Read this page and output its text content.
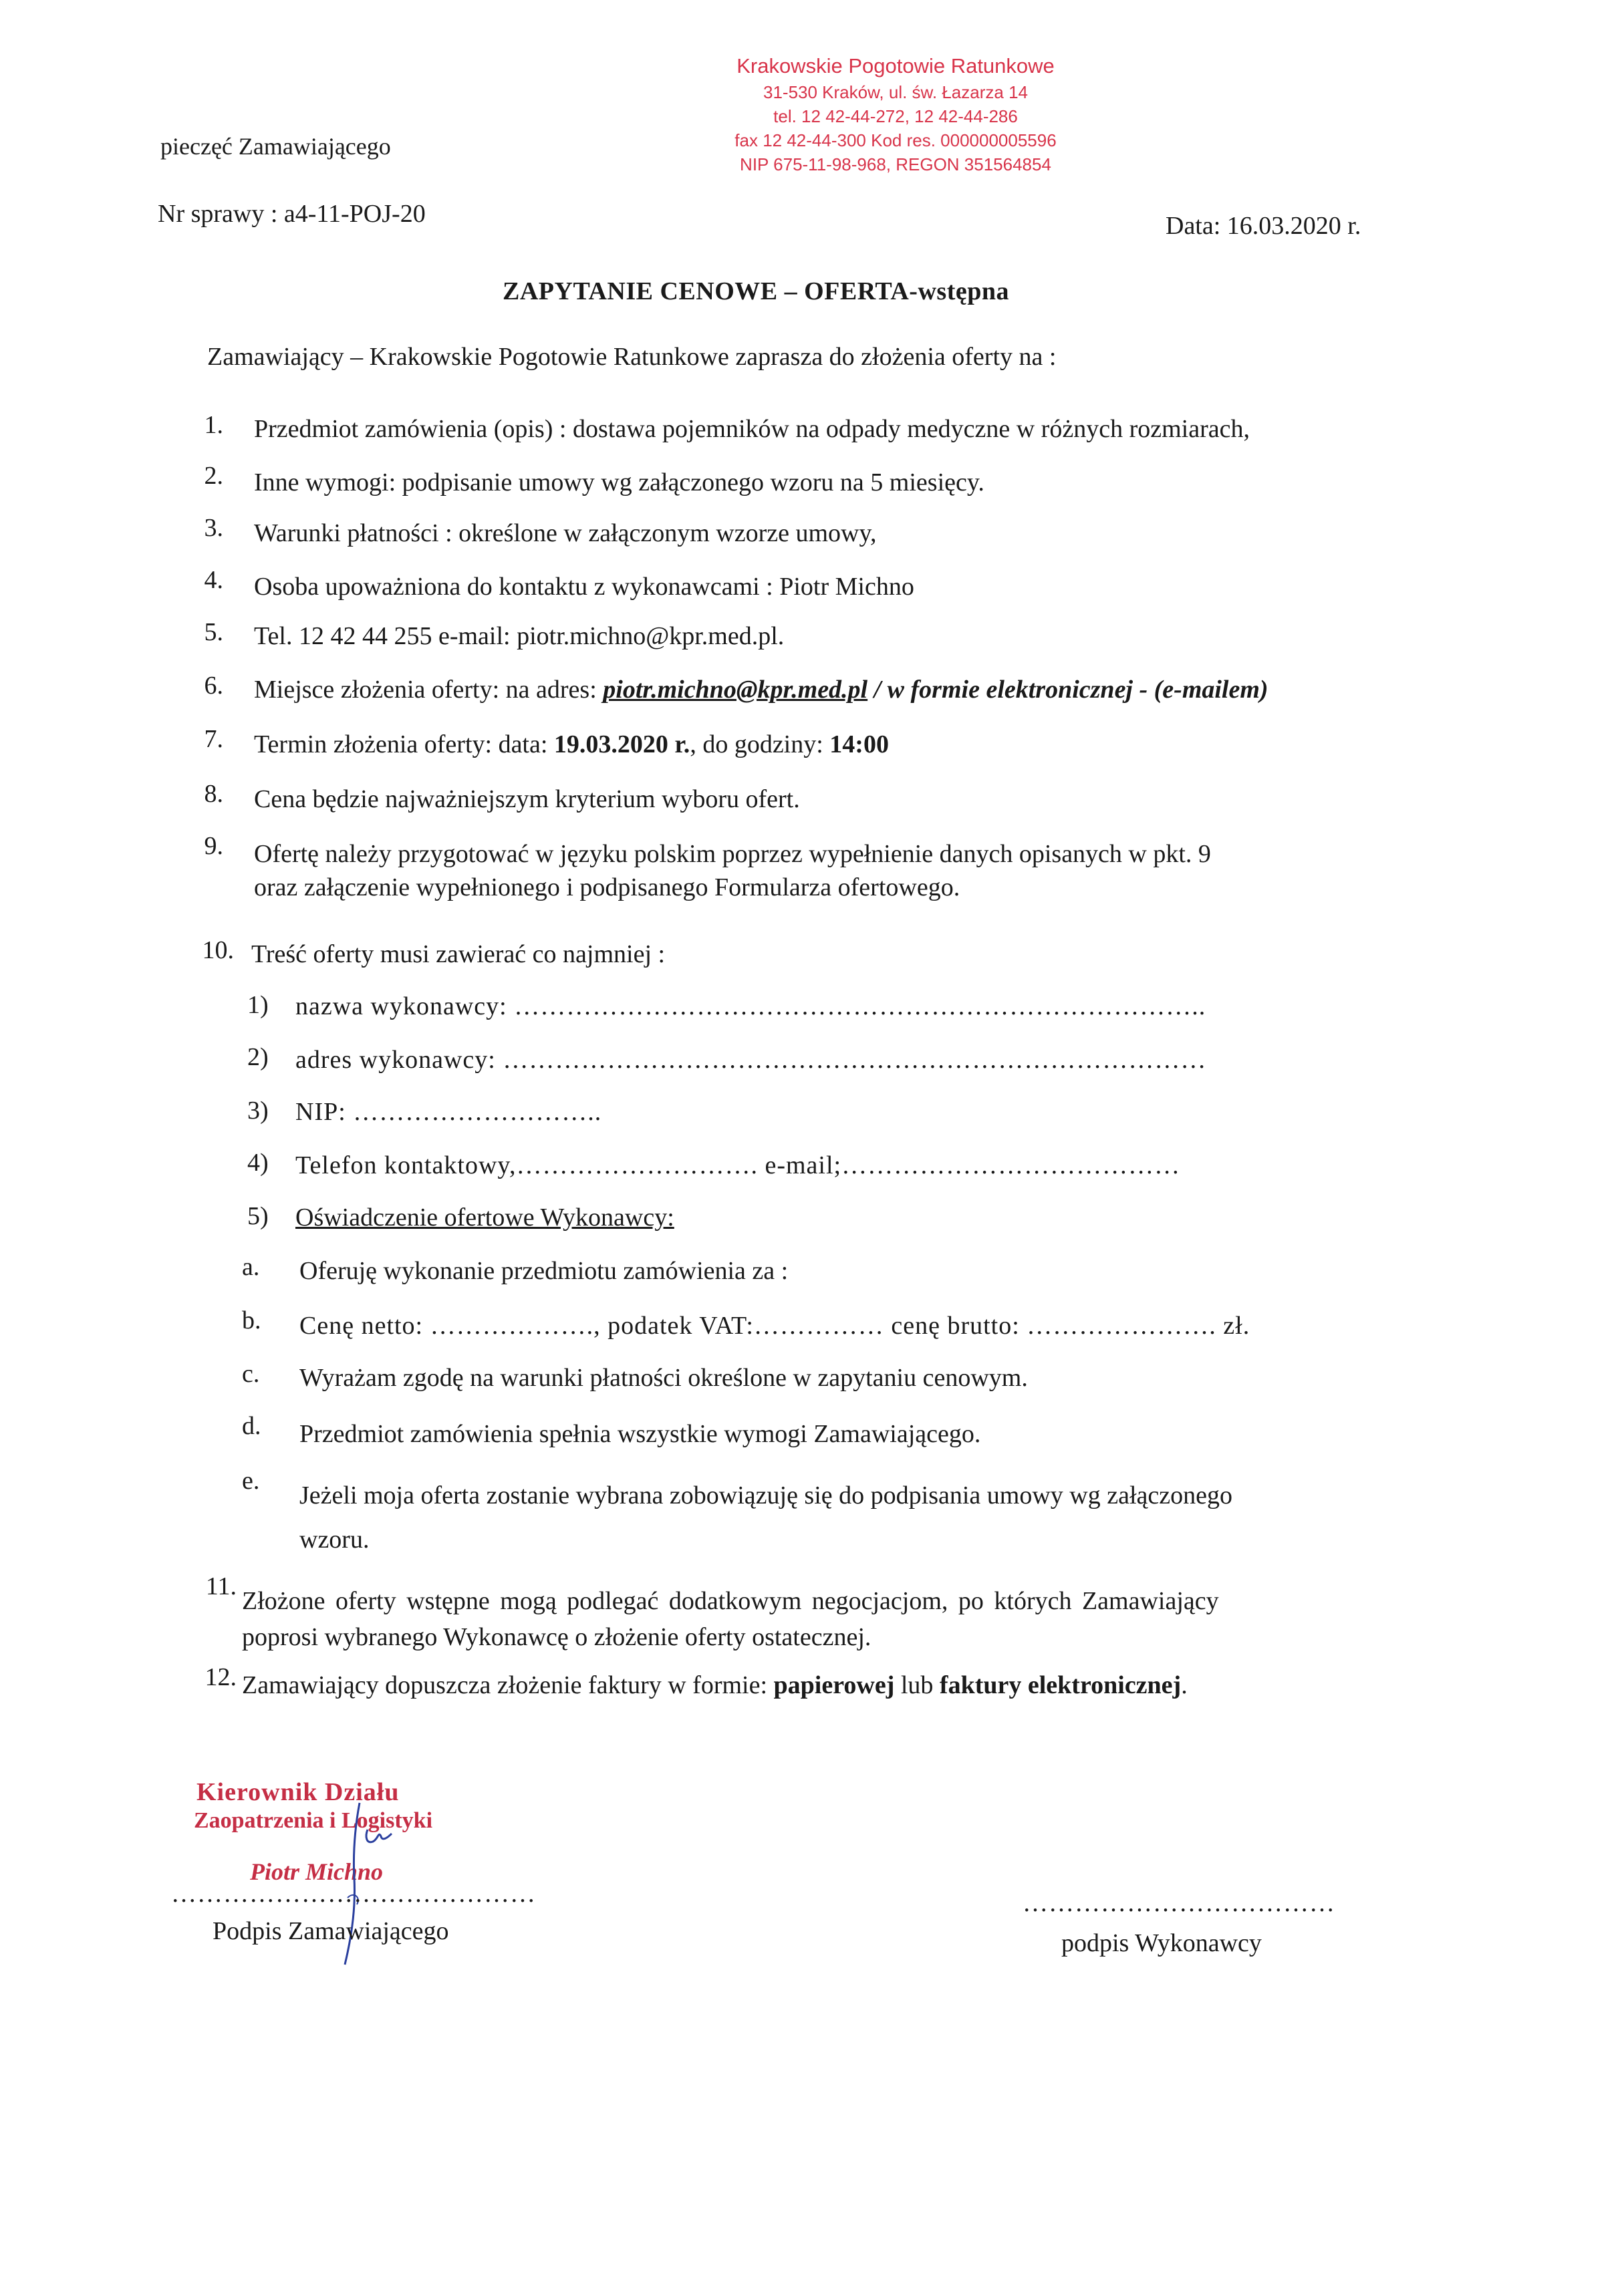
Krakowskie Pogotowie Ratunkowe
31-530 Kraków, ul. św. Łazarza 14
tel. 12 42-44-272, 12 42-44-286
fax 12 42-44-300 Kod res. 000000005596
NIP 675-11-98-968, REGON 351564854
pieczęć Zamawiającego
Nr sprawy : a4-11-POJ-20	Data: 16.03.2020 r.
ZAPYTANIE CENOWE – OFERTA-wstępna
Zamawiający – Krakowskie Pogotowie Ratunkowe zaprasza do złożenia oferty na :
1. Przedmiot zamówienia (opis) : dostawa pojemników na odpady medyczne w różnych rozmiarach,
2. Inne wymogi: podpisanie umowy wg załączonego wzoru na 5 miesięcy.
3. Warunki płatności : określone w załączonym wzorze umowy,
4. Osoba upoważniona do kontaktu z wykonawcami : Piotr Michno
5. Tel. 12 42 44 255 e-mail: piotr.michno@kpr.med.pl.
6. Miejsce złożenia oferty: na adres: piotr.michno@kpr.med.pl / w formie elektronicznej - (e-mailem)
7. Termin złożenia oferty: data: 19.03.2020 r., do godziny: 14:00
8. Cena będzie najważniejszym kryterium wyboru ofert.
9. Ofertę należy przygotować w języku polskim poprzez wypełnienie danych opisanych w pkt. 9
oraz załączenie wypełnionego i podpisanego Formularza ofertowego.
10. Treść oferty musi zawierać co najmniej :
1) nazwa wykonawcy: ……………………………………………………………………..
2) adres wykonawcy: ………………………………………………………………………
3) NIP: ………………………..
4) Telefon kontaktowy,………………………. e-mail;…………………………………
5) Oświadczenie ofertowe Wykonawcy:
a. Oferuję wykonanie przedmiotu zamówienia za :
b. Cenę netto: ………………., podatek VAT:…………… cenę brutto: …………………. zł.
c. Wyrażam zgodę na warunki płatności określone w zapytaniu cenowym.
d. Przedmiot zamówienia spełnia wszystkie wymogi Zamawiającego.
e.
Jeżeli moja oferta zostanie wybrana zobowiązuję się do podpisania umowy wg załączonego
wzoru.
11.
Złożone oferty wstępne mogą podlegać dodatkowym negocjacjom, po których Zamawiający
poprosi wybranego Wykonawcę o złożenie oferty ostatecznej.
12. Zamawiający dopuszcza złożenie faktury w formie: papierowej lub faktury elektronicznej.
Kierownik Działu
Zaopatrzenia i Logistyki
Piotr Michno
……………………………………
Podpis Zamawiającego
………………………………
podpis Wykonawcy
